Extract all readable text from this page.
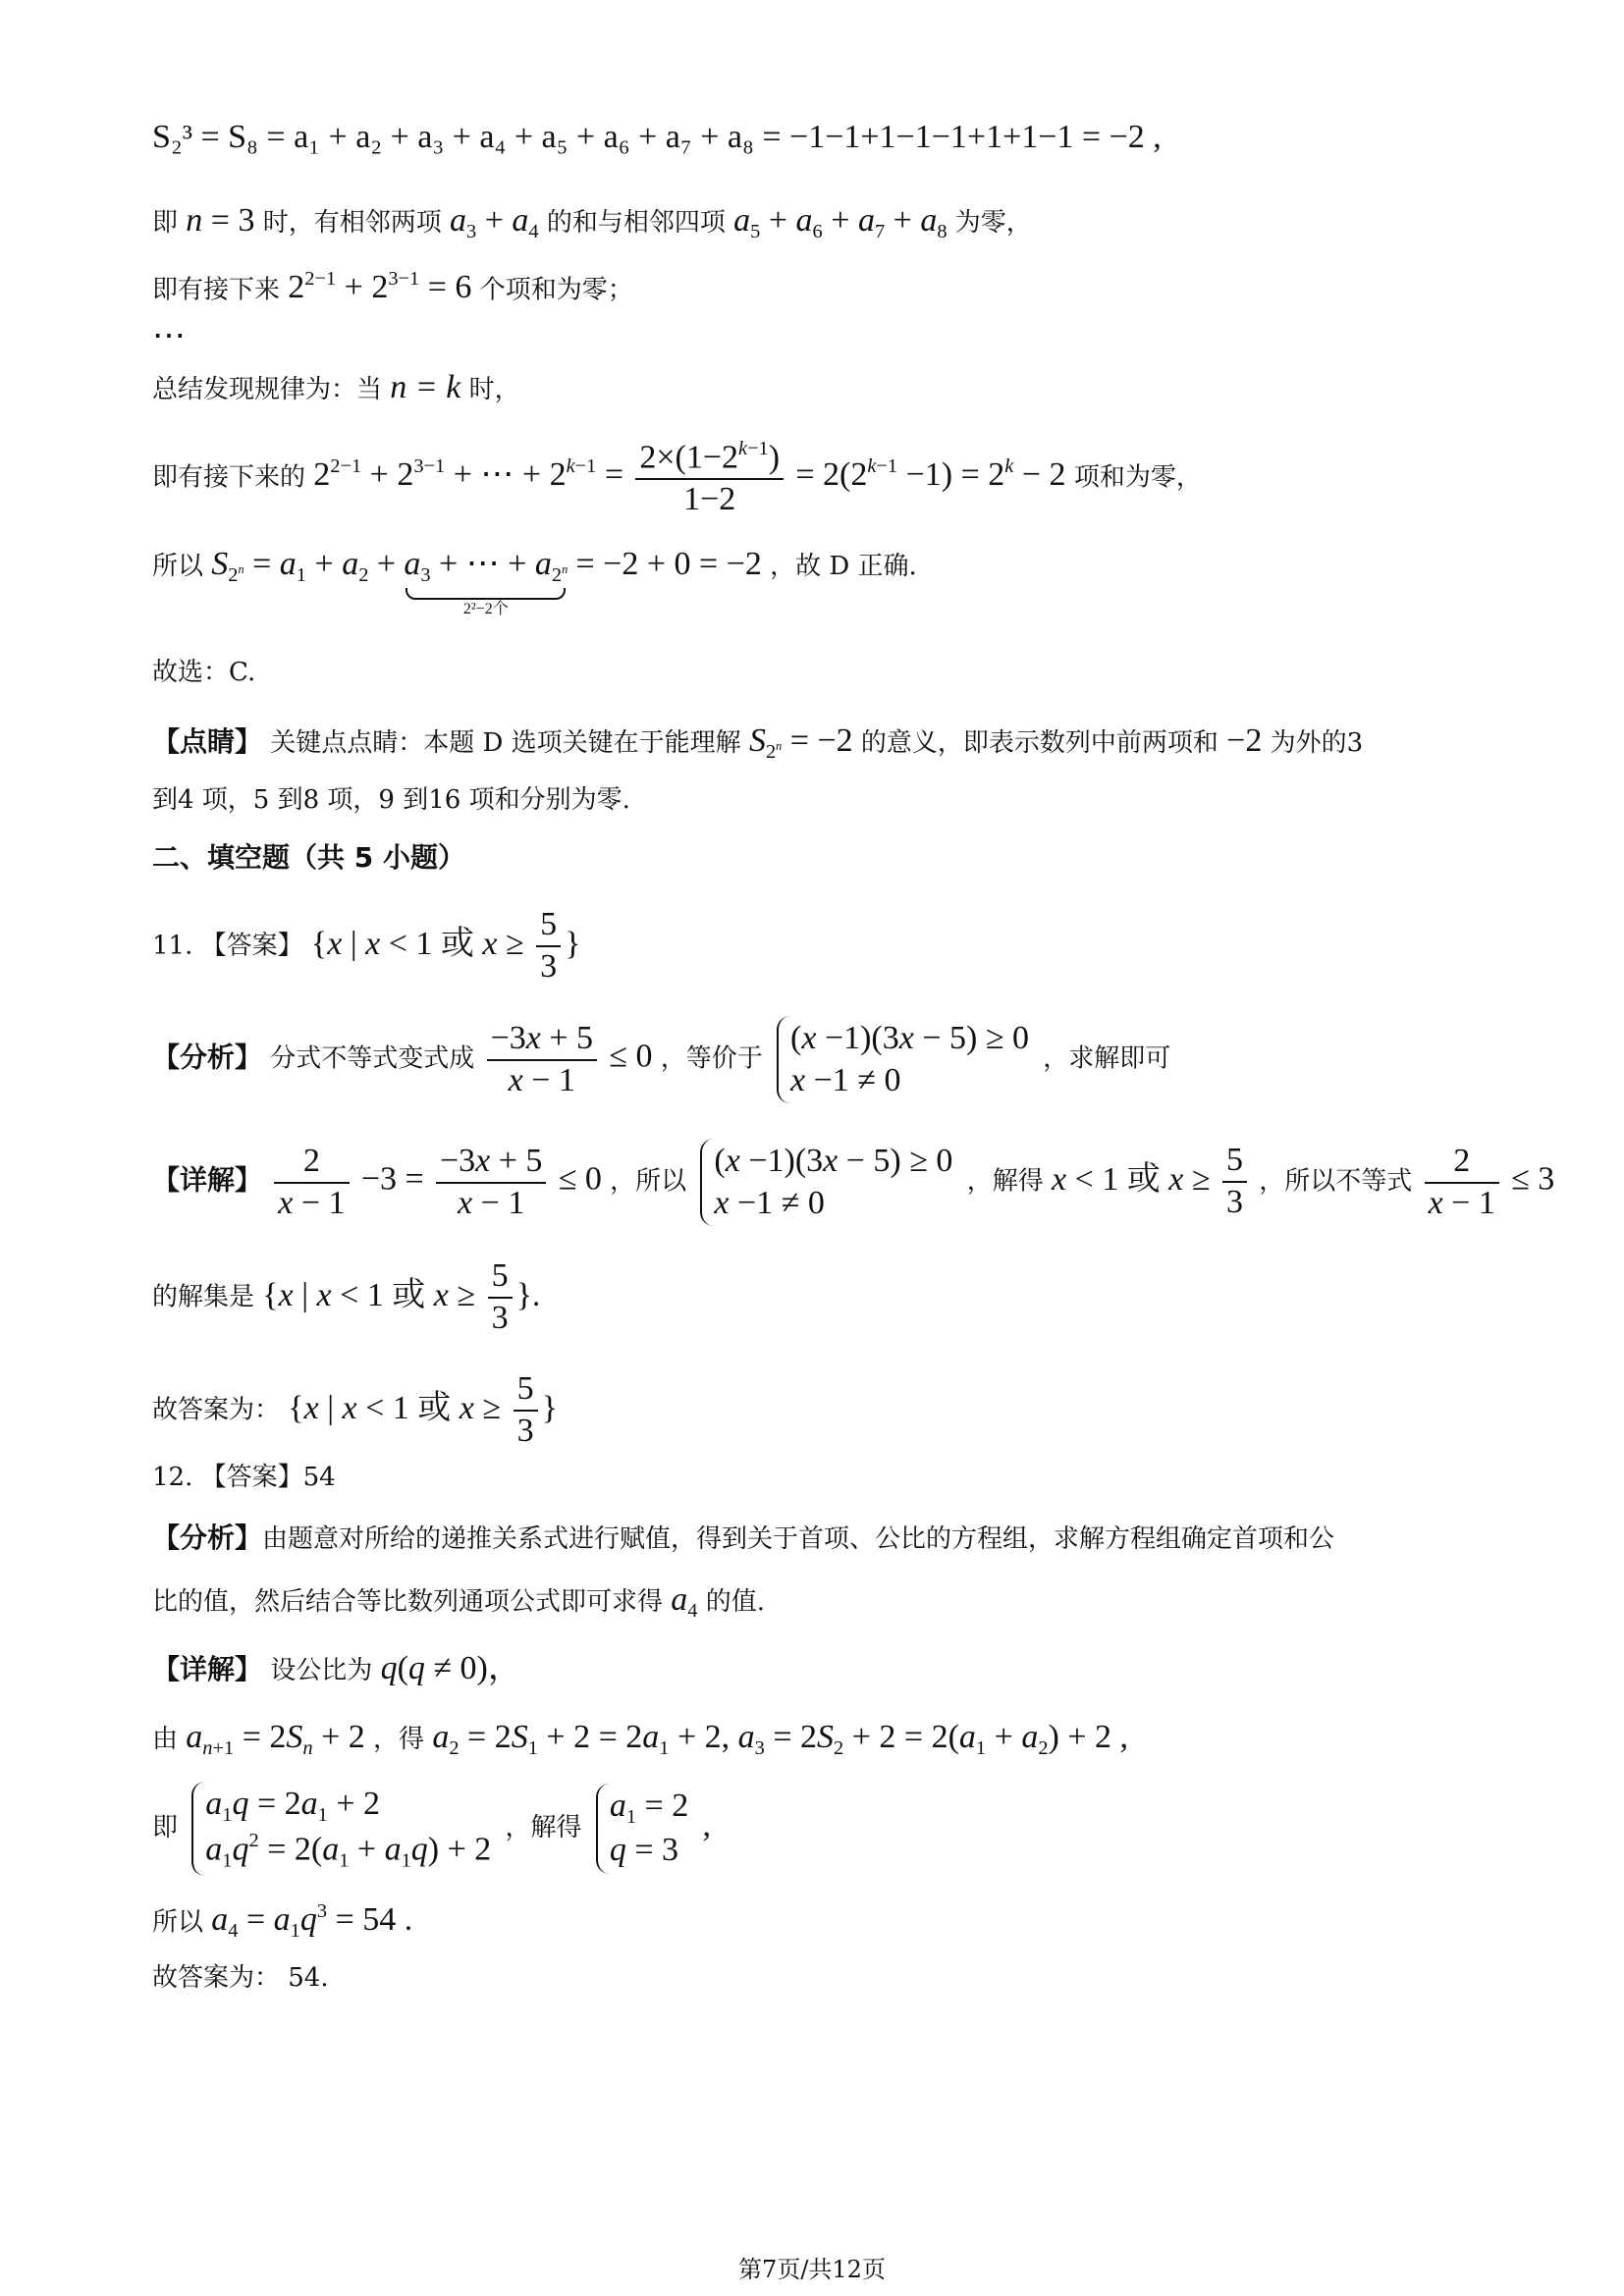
S₂³ = S₈ = a₁ + a₂ + a₃ + a₄ + a₅ + a₆ + a₇ + a₈ = −1−1+1−1−1+1+1−1 = −2 ,
即 n = 3 时，有相邻两项 $a_3 + a_4$ 的和与相邻四项 $a_5 + a_6 + a_7 + a_8$ 为零，
即有接下来 $2^{2-1} + 2^{3-1} = 6$ 个项和为零；
⋯
总结发现规律为：当 n = k 时，
即有接下来的 $2^{2-1} + 2^{3-1}$ + ⋯ + $2^{k-1} = \frac{2\times(1-2^{k-1})}{1-2} = 2(2^{k-1} -1) = 2^k - 2$ 项和为零，
所以 $S_{2^n} = a_1 + a_2 + a_3$ + ⋯ + $a_{2^n}$
2²−2个
= −2 + 0 = −2 ，故 D 正确.
故选：C.
【点睛】 关键点点睛：本题 D 选项关键在于能理解 $S_{2^n} = -2$ 的意义，即表示数列中前两项和 −2 为外的3
到4 项，5 到8 项，9 到16 项和分别为零.
二、填空题（共 5 小题）
11. 【答案】 {x | x < 1 或 $x \ge \frac{5}{3}$ }
【分析】 分式不等式变式成 $\frac{-3x + 5}{x - 1} \le 0$ ，等价于
(x −1)(3x − 5) ≥ 0
x −1 ≠ 0
，求解即可
【详解】 $\frac{2}{x - 1} -3 = \frac{-3x + 5}{x - 1} \le 0$ ，所以
(x −1)(3x − 5) ≥ 0
x −1 ≠ 0
，解得 x < 1 或 $x \ge \frac{5}{3}$ ，所以不等式 $\frac{2}{x - 1} \le 3$
的解集是 {x | x < 1 或 $x \ge \frac{5}{3}$ }.
故答案为： {x | x < 1 或 $x \ge \frac{5}{3}$ }
12. 【答案】54
【分析】由题意对所给的递推关系式进行赋值，得到关于首项、公比的方程组，求解方程组确定首项和公
比的值，然后结合等比数列通项公式即可求得 $a_4$ 的值.
【详解】 设公比为 q(q ≠ 0)，
由 $a_{n+1} = 2S_n + 2$ ，得 $a_2 = 2S_1 + 2 = 2a_1 + 2$, $a_3 = 2S_2 + 2 = 2(a_1 + a_2) + 2$ ,
即
$a_1q = 2a_1 + 2$
$a_1q^2 = 2(a_1 + a_1q) + 2$
，解得
$a_1 = 2$
q = 3
,
所以 $a_4 = a_1q^3 = 54$ .
故答案为： 54.
第7页/共12页
